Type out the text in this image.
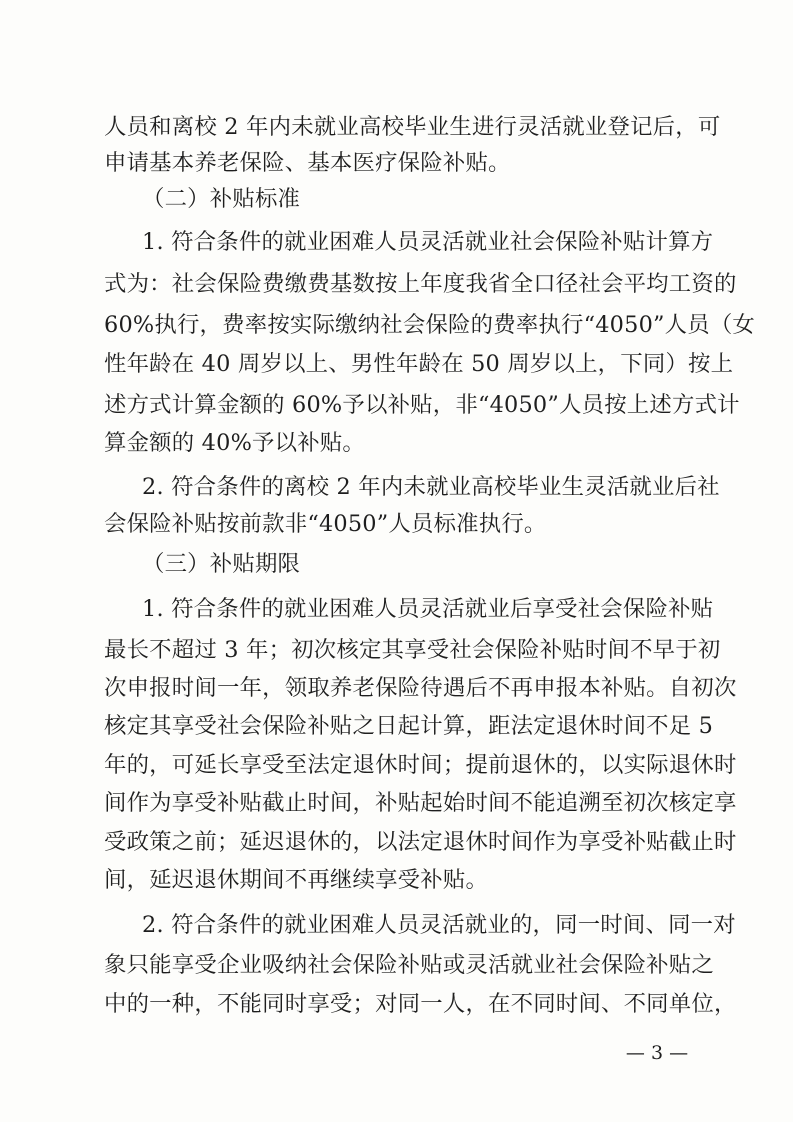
人员和离校 2 年内未就业高校毕业生进行灵活就业登记后，可
申请基本养老保险、基本医疗保险补贴。
（二）补贴标准
1. 符合条件的就业困难人员灵活就业社会保险补贴计算方
式为：社会保险费缴费基数按上年度我省全口径社会平均工资的
60%执行，费率按实际缴纳社会保险的费率执行“4050”人员（女
性年龄在 40 周岁以上、男性年龄在 50 周岁以上，下同）按上
述方式计算金额的 60%予以补贴，非“4050”人员按上述方式计
算金额的 40%予以补贴。
2. 符合条件的离校 2 年内未就业高校毕业生灵活就业后社
会保险补贴按前款非“4050”人员标准执行。
（三）补贴期限
1. 符合条件的就业困难人员灵活就业后享受社会保险补贴
最长不超过 3 年；初次核定其享受社会保险补贴时间不早于初
次申报时间一年，领取养老保险待遇后不再申报本补贴。自初次
核定其享受社会保险补贴之日起计算，距法定退休时间不足 5
年的，可延长享受至法定退休时间；提前退休的，以实际退休时
间作为享受补贴截止时间，补贴起始时间不能追溯至初次核定享
受政策之前；延迟退休的，以法定退休时间作为享受补贴截止时
间，延迟退休期间不再继续享受补贴。
2. 符合条件的就业困难人员灵活就业的，同一时间、同一对
象只能享受企业吸纳社会保险补贴或灵活就业社会保险补贴之
中的一种，不能同时享受；对同一人，在不同时间、不同单位，
— 3 —
